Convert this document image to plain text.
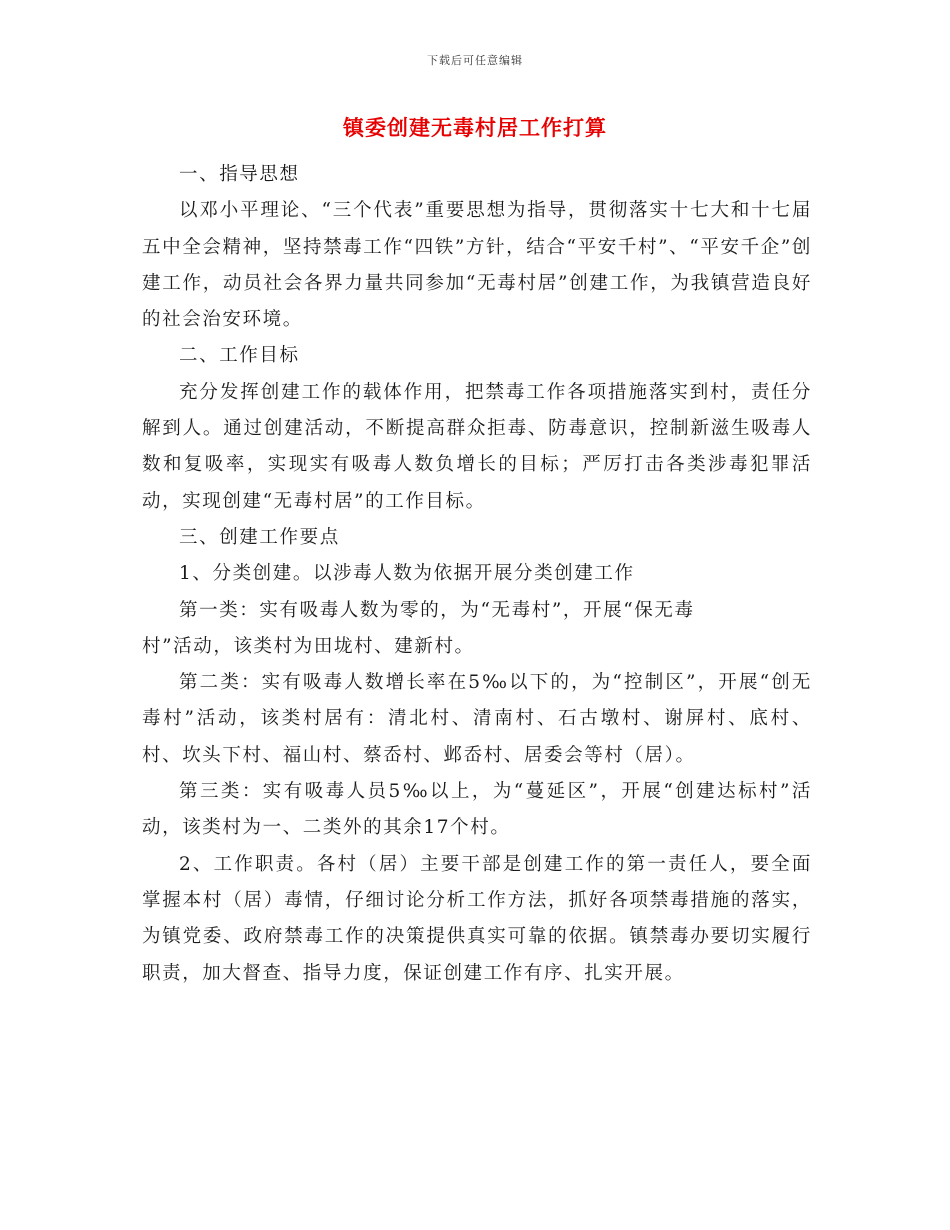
下载后可任意编辑
镇委创建无毒村居工作打算

一、指导思想

以邓小平理论、“三个代表”重要思想为指导，贯彻落实十七大和十七届五中全会精神，坚持禁毒工作“四铁”方针，结合“平安千村”、“平安千企”创建工作，动员社会各界力量共同参加“无毒村居”创建工作，为我镇营造良好的社会治安环境。

二、工作目标

充分发挥创建工作的载体作用，把禁毒工作各项措施落实到村，责任分解到人。通过创建活动，不断提高群众拒毒、防毒意识，控制新滋生吸毒人数和复吸率，实现实有吸毒人数负增长的目标；严厉打击各类涉毒犯罪活动，实现创建“无毒村居”的工作目标。

三、创建工作要点

1、分类创建。以涉毒人数为依据开展分类创建工作

第一类：实有吸毒人数为零的，为“无毒村”，开展“保无毒

村”活动，该类村为田垅村、建新村。

第二类：实有吸毒人数增长率在5‰以下的，为“控制区”，开展“创无毒村”活动，该类村居有：清北村、清南村、石古墩村、谢屏村、底村、村、坎头下村、福山村、蔡岙村、邺岙村、居委会等村（居）。

第三类：实有吸毒人员5‰以上，为“蔓延区”，开展“创建达标村”活动，该类村为一、二类外的其余17个村。

2、工作职责。各村（居）主要干部是创建工作的第一责任人，要全面掌握本村（居）毒情，仔细讨论分析工作方法，抓好各项禁毒措施的落实，为镇党委、政府禁毒工作的决策提供真实可靠的依据。镇禁毒办要切实履行职责，加大督查、指导力度，保证创建工作有序、扎实开展。
